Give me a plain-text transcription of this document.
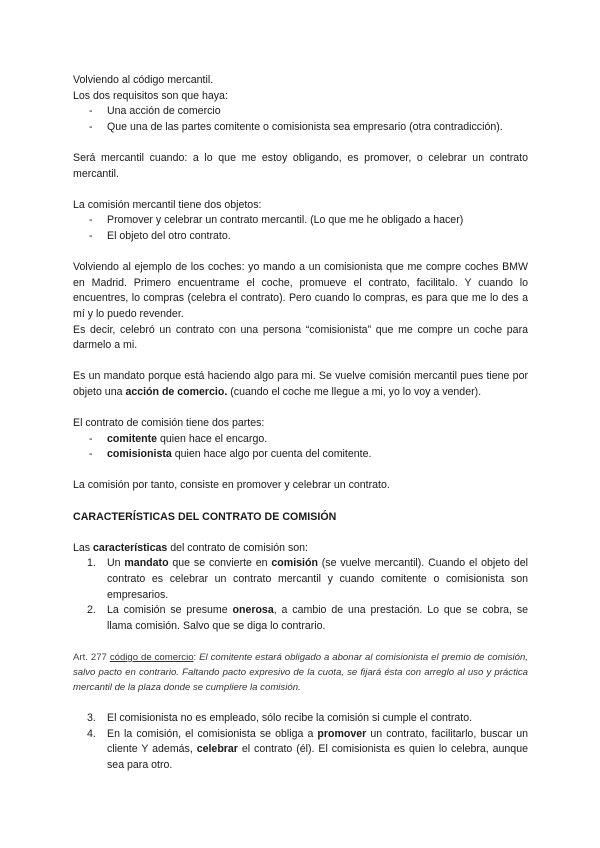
Volviendo al código mercantil.

Los dos requisitos son que haya:

- Una acción de comercio
- Que una de las partes comitente o comisionista sea empresario (otra contradicción).

Será mercantil cuando: a lo que me estoy obligando, es promover, o celebrar un contrato mercantil.

La comisión mercantil tiene dos objetos:

- Promover y celebrar un contrato mercantil. (Lo que me he obligado a hacer)
- El objeto del otro contrato.

Volviendo al ejemplo de los coches: yo mando a un comisionista que me compre coches BMW en Madrid. Primero encuentrame el coche, promueve el contrato, facilitalo. Y cuando lo encuentres, lo compras (celebra el contrato). Pero cuando lo compras, es para que me lo des a mí y lo puedo revender.

Es decir, celebró un contrato con una persona “comisionista” que me compre un coche para darmelo a mi.

Es un mandato porque está haciendo algo para mi. Se vuelve comisión mercantil pues tiene por objeto una acción de comercio. (cuando el coche me llegue a mi, yo lo voy a vender).

El contrato de comisión tiene dos partes:

- comitente quien hace el encargo.
- comisionista quien hace algo por cuenta del comitente.

La comisión por tanto, consiste en promover y celebrar un contrato.

CARACTERÍSTICAS DEL CONTRATO DE COMISIÓN

Las características del contrato de comisión son:

1. Un mandato que se convierte en comisión (se vuelve mercantil). Cuando el objeto del contrato es celebrar un contrato mercantil y cuando comitente o comisionista son empresarios.
2. La comisión se presume onerosa, a cambio de una prestación. Lo que se cobra, se llama comisión. Salvo que se diga lo contrario.

Art. 277 código de comercio: El comitente estará obligado a abonar al comisionista el premio de comisión, salvo pacto en contrario. Faltando pacto expresivo de la cuota, se fijará ésta con arreglo al uso y práctica mercantil de la plaza donde se cumpliere la comisión.

3. El comisionista no es empleado, sólo recibe la comisión si cumple el contrato.
4. En la comisión, el comisionista se obliga a promover un contrato, facilitarlo, buscar un cliente Y además, celebrar el contrato (él). El comisionista es quien lo celebra, aunque sea para otro.
